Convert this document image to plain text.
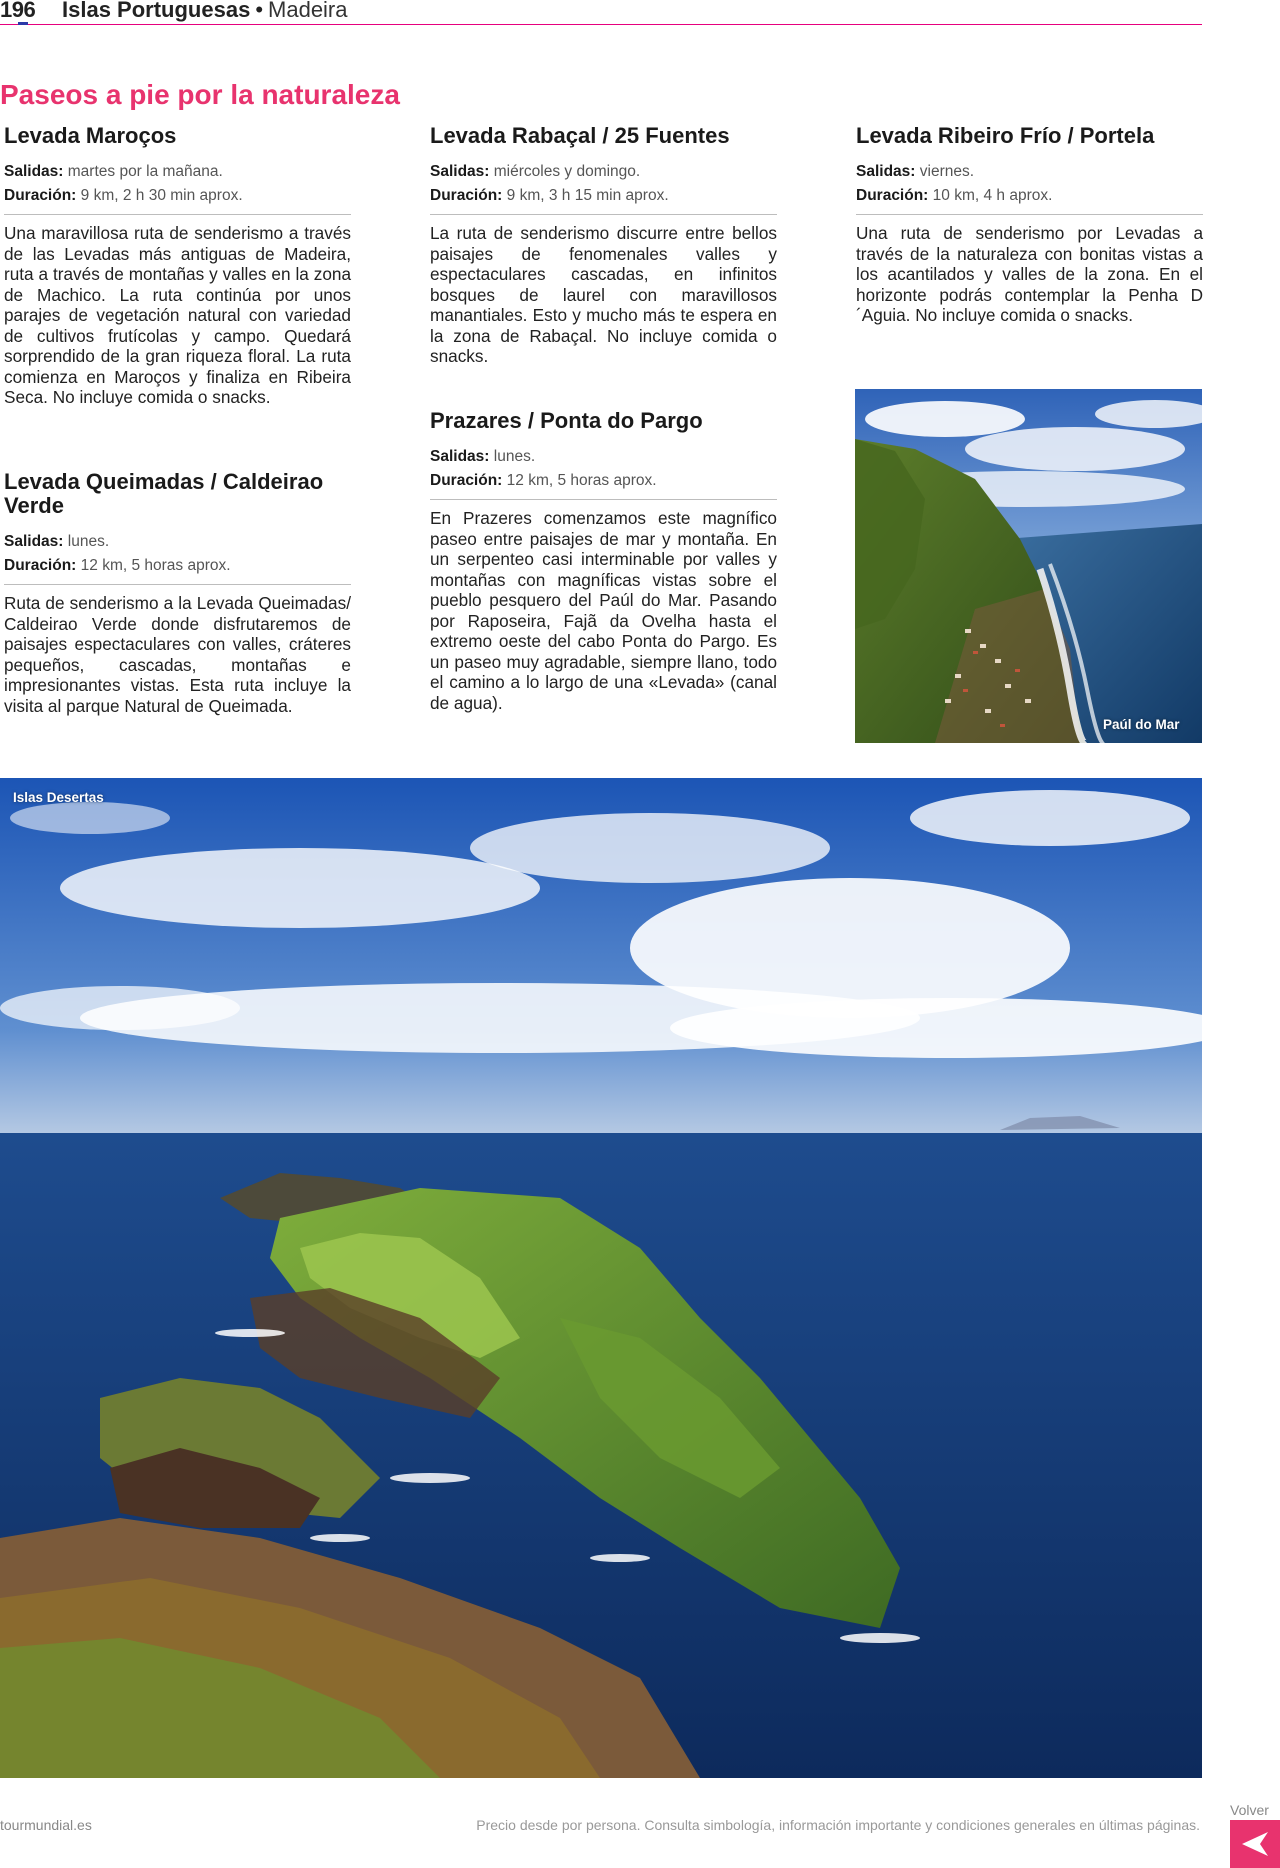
196 Islas Portuguesas • Madeira
Paseos a pie por la naturaleza
Levada Maroços
Salidas: martes por la mañana.
Duración: 9 km, 2 h 30 min aprox.

Una maravillosa ruta de senderismo a través de las Levadas más antiguas de Madeira, ruta a través de montañas y valles en la zona de Machico. La ruta continúa por unos parajes de vegetación natural con variedad de cultivos frutícolas y campo. Quedará sorprendido de la gran riqueza floral. La ruta comienza en Maroços y finaliza en Ribeira Seca. No incluye comida o snacks.

Levada Queimadas / Caldeirao Verde
Salidas: lunes.
Duración: 12 km, 5 horas aprox.

Ruta de senderismo a la Levada Queimadas/ Caldeirao Verde donde disfrutaremos de paisajes espectaculares con valles, cráteres pequeños, cascadas, montañas e impresionantes vistas. Esta ruta incluye la visita al parque Natural de Queimada.

Levada Rabaçal / 25 Fuentes
Salidas: miércoles y domingo.
Duración: 9 km, 3 h 15 min aprox.

La ruta de senderismo discurre entre bellos paisajes de fenomenales valles y espectaculares cascadas, en infinitos bosques de laurel con maravillosos manantiales. Esto y mucho más te espera en la zona de Rabaçal. No incluye comida o snacks.

Prazares / Ponta do Pargo
Salidas: lunes.
Duración: 12 km, 5 horas aprox.

En Prazeres comenzamos este magnífico paseo entre paisajes de mar y montaña. En un serpenteo casi interminable por valles y montañas con magníficas vistas sobre el pueblo pesquero del Paúl do Mar. Pasando por Raposeira, Fajã da Ovelha hasta el extremo oeste del cabo Ponta do Pargo. Es un paseo muy agradable, siempre llano, todo el camino a lo largo de una «Levada» (canal de agua).

Levada Ribeiro Frío / Portela
Salidas: viernes.
Duración: 10 km, 4 h aprox.

Una ruta de senderismo por Levadas a través de la naturaleza con bonitas vistas a los acantilados y valles de la zona. En el horizonte podrás contemplar la Penha D´Aguia. No incluye comida o snacks.

Paúl do Mar
Islas Desertas
tourmundial.es	Precio desde por persona. Consulta simbología, información importante y condiciones generales en últimas páginas.
Volver
